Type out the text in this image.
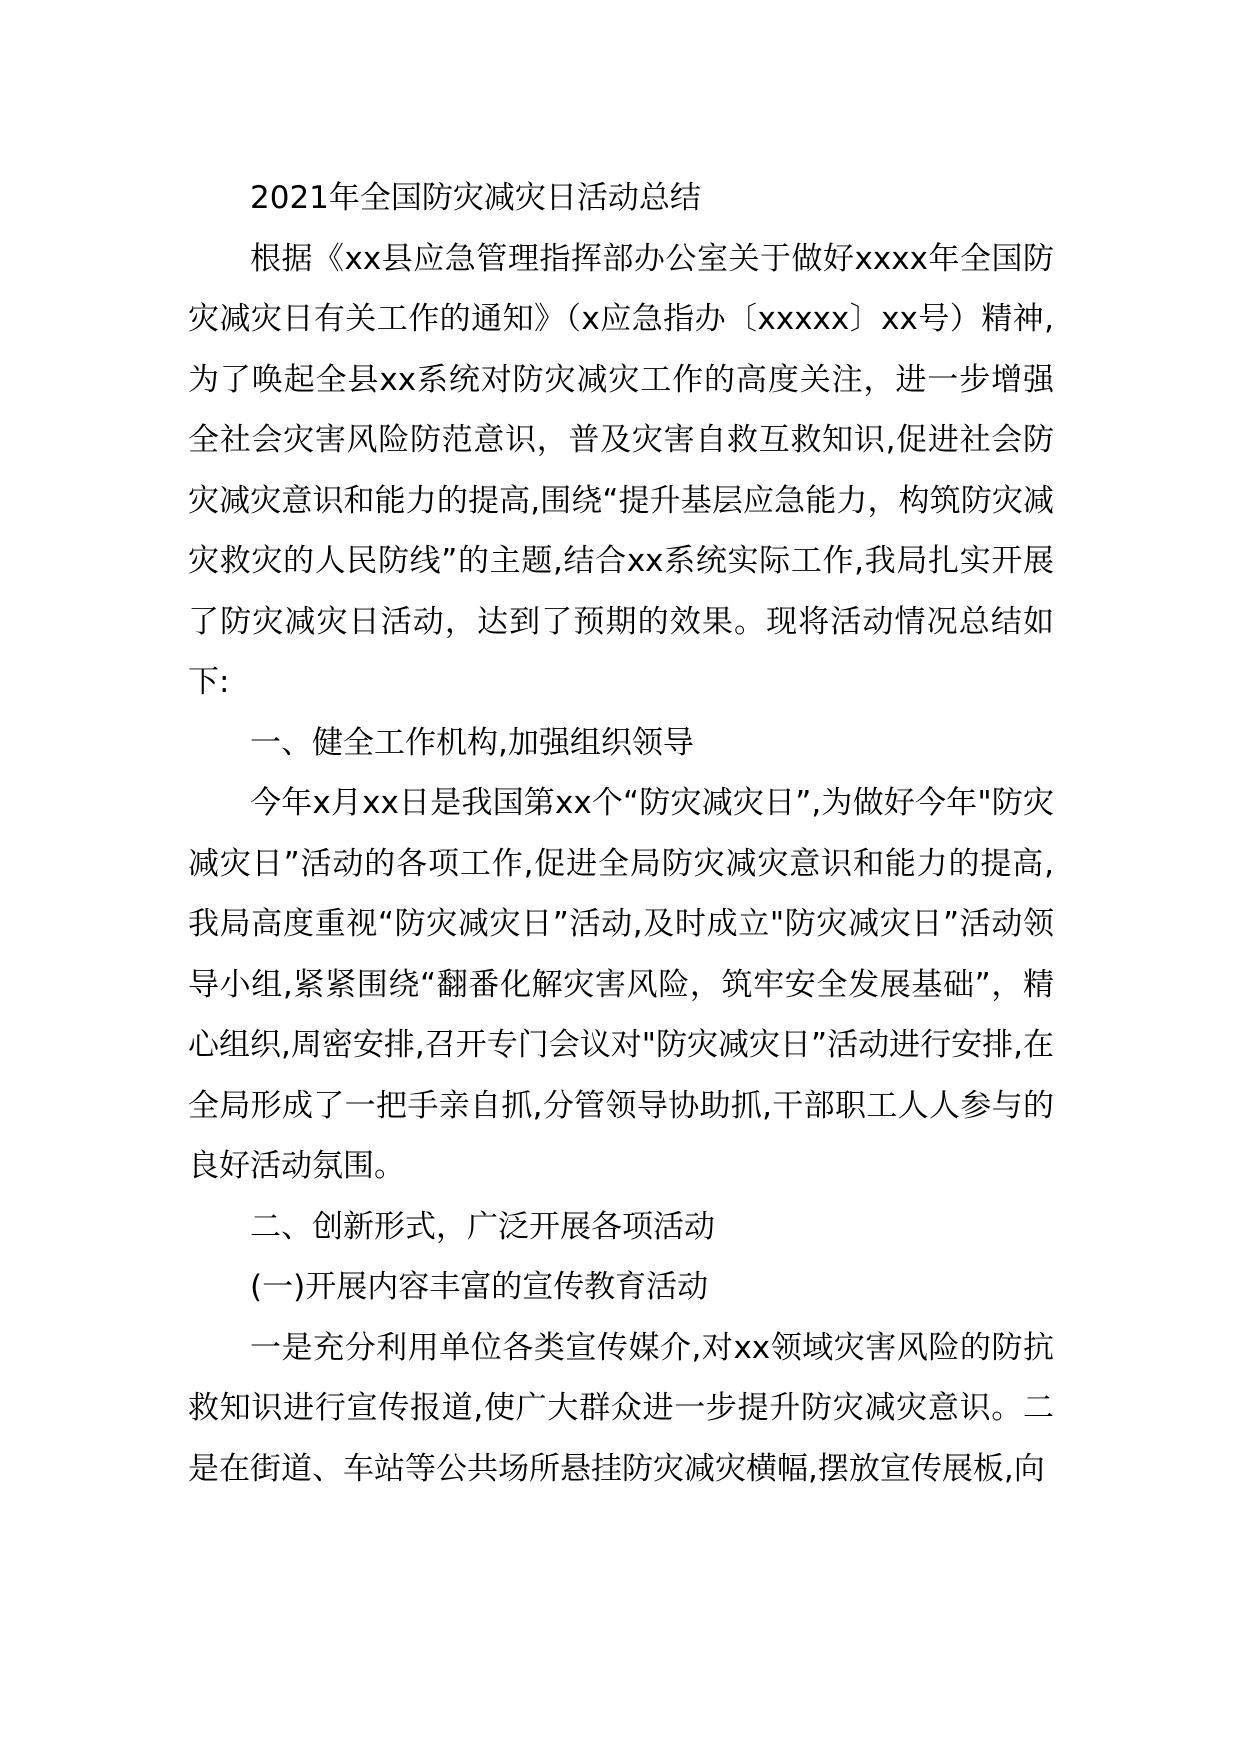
2021年全国防灾减灾日活动总结

根据《xx县应急管理指挥部办公室关于做好xxxx年全国防灾减灾日有关工作的通知》（x应急指办〔xxxxx〕xx号）精神,为了唤起全县xx系统对防灾减灾工作的高度关注，进一步增强全社会灾害风险防范意识，普及灾害自救互救知识,促进社会防灾减灾意识和能力的提高,围绕“提升基层应急能力，构筑防灾减灾救灾的人民防线”的主题,结合xx系统实际工作,我局扎实开展了防灾减灾日活动，达到了预期的效果。现将活动情况总结如下:

一、健全工作机构,加强组织领导

今年x月xx日是我国第xx个“防灾减灾日”,为做好今年"防灾减灾日”活动的各项工作,促进全局防灾减灾意识和能力的提高,我局高度重视“防灾减灾日”活动,及时成立"防灾减灾日”活动领导小组,紧紧围绕“翻番化解灾害风险，筑牢安全发展基础”，精心组织,周密安排,召开专门会议对"防灾减灾日”活动进行安排,在全局形成了一把手亲自抓,分管领导协助抓,干部职工人人参与的良好活动氛围。

二、创新形式，广泛开展各项活动

(一)开展内容丰富的宣传教育活动

一是充分利用单位各类宣传媒介,对xx领域灾害风险的防抗救知识进行宣传报道,使广大群众进一步提升防灾减灾意识。二是在街道、车站等公共场所悬挂防灾减灾横幅,摆放宣传展板,向
